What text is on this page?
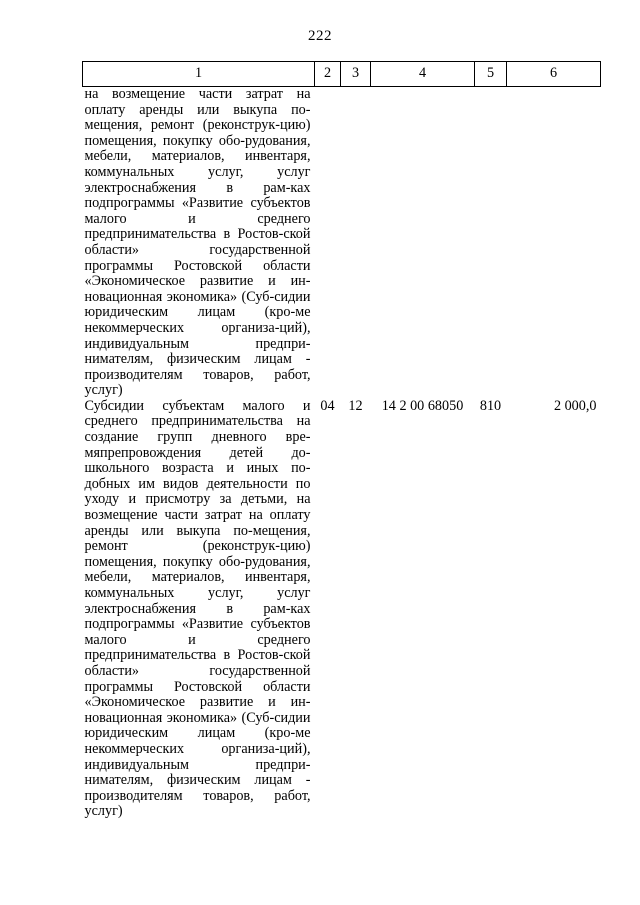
222
1	2	3	4	5	6
на возмещение части затрат на оплату аренды или выкупа по-мещения, ремонт (реконструк-цию) помещения, покупку обо-рудования, мебели, материалов, инвентаря, коммунальных услуг, услуг электроснабжения в рам-ках подпрограммы «Развитие субъектов малого и среднего предпринимательства в Ростов-ской области» государственной программы Ростовской области «Экономическое развитие и ин-новационная экономика» (Суб-сидии юридическим лицам (кро-ме некоммерческих организа-ций), индивидуальным предпри-нимателям, физическим лицам - производителям товаров, работ, услуг)					
Субсидии субъектам малого и среднего предпринимательства на создание групп дневного вре-мяпрепровождения детей до-школьного возраста и иных по-добных им видов деятельности по уходу и присмотру за детьми, на возмещение части затрат на оплату аренды или выкупа по-мещения, ремонт (реконструк-цию) помещения, покупку обо-рудования, мебели, материалов, инвентаря, коммунальных услуг, услуг электроснабжения в рам-ках подпрограммы «Развитие субъектов малого и среднего предпринимательства в Ростов-ской области» государственной программы Ростовской области «Экономическое развитие и ин-новационная экономика» (Суб-сидии юридическим лицам (кро-ме некоммерческих организа-ций), индивидуальным предпри-нимателям, физическим лицам - производителям товаров, работ, услуг)	04	12	14 2 00 68050	810	2 000,0
